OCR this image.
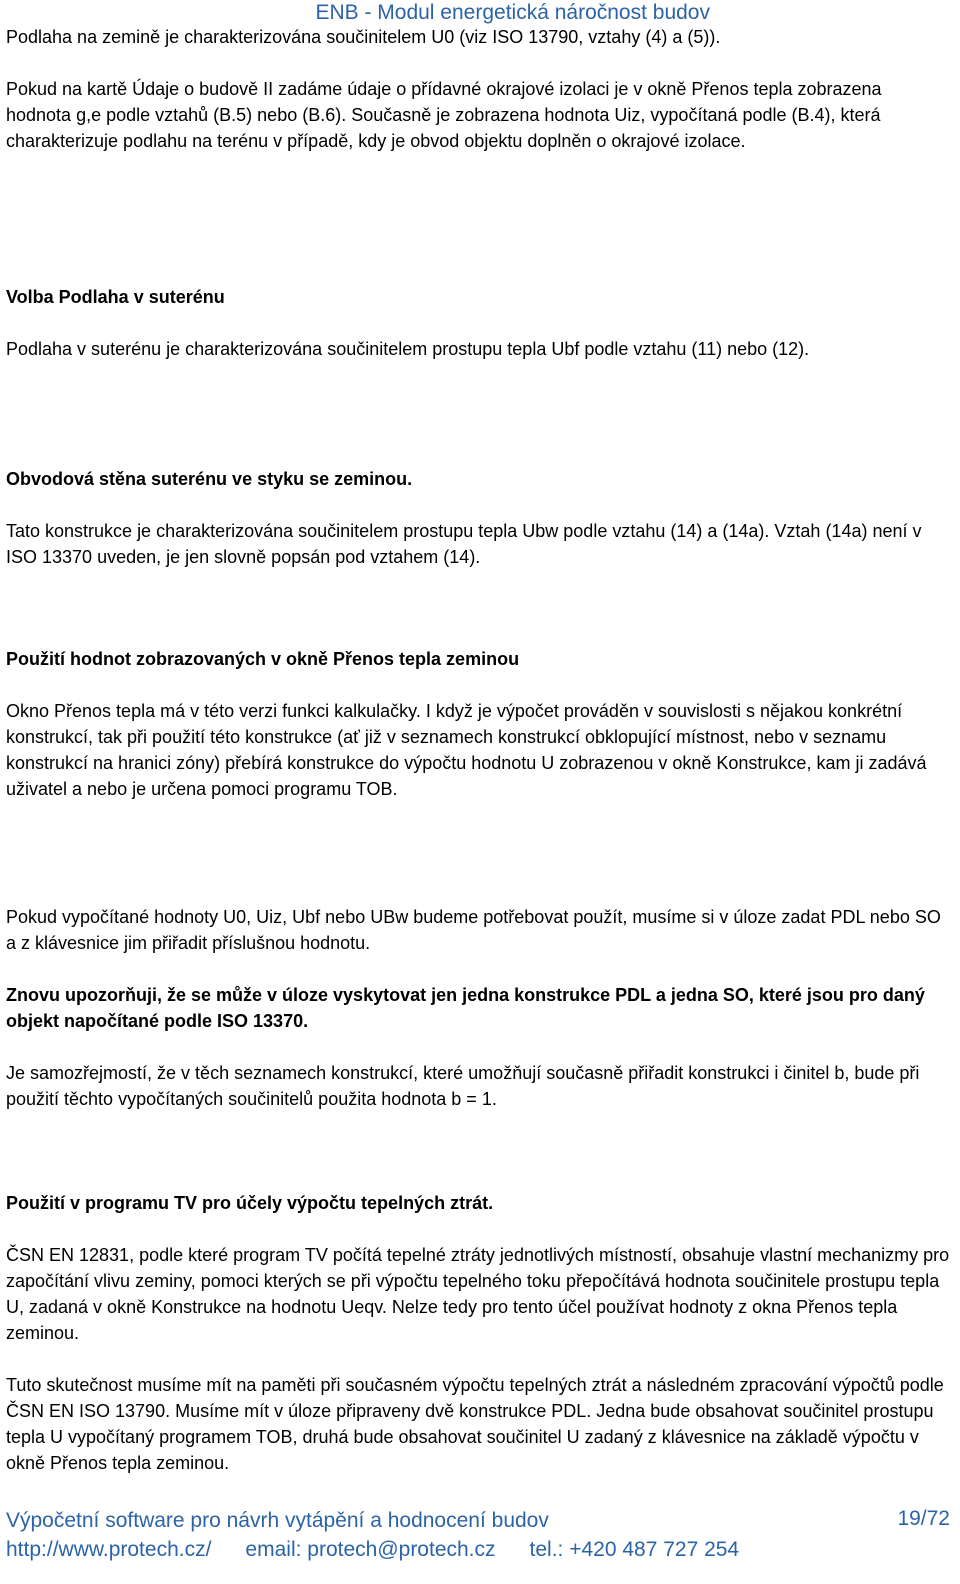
ENB - Modul energetická náročnost budov

Podlaha na zemině je charakterizována součinitelem U0 (viz ISO 13790, vztahy (4) a (5)).

Pokud na kartě Údaje o budově II zadáme údaje o přídavné okrajové izolaci je v okně Přenos tepla zobrazena hodnota g,e podle vztahů (B.5) nebo (B.6). Současně je zobrazena hodnota Uiz, vypočítaná podle (B.4), která charakterizuje podlahu na terénu v případě, kdy je obvod objektu doplněn o okrajové izolace.

Volba Podlaha v suterénu

Podlaha v suterénu je charakterizována součinitelem prostupu tepla Ubf podle vztahu (11) nebo (12).

Obvodová stěna suterénu ve styku se zeminou.

Tato konstrukce je charakterizována součinitelem prostupu tepla Ubw podle vztahu (14) a (14a). Vztah (14a) není v ISO 13370 uveden, je jen slovně popsán pod vztahem (14).

Použití hodnot zobrazovaných v okně Přenos tepla zeminou

Okno Přenos tepla má v této verzi funkci kalkulačky. I když je výpočet prováděn v souvislosti s nějakou konkrétní konstrukcí, tak při použití této konstrukce (ať již v seznamech konstrukcí obklopující místnost, nebo v seznamu konstrukcí na hranici zóny) přebírá konstrukce do výpočtu hodnotu U zobrazenou v okně Konstrukce, kam ji zadává uživatel a nebo je určena pomoci programu TOB.

Pokud vypočítané hodnoty U0, Uiz, Ubf nebo UBw budeme potřebovat použít, musíme si v úloze zadat PDL nebo SO a z klávesnice jim přiřadit příslušnou hodnotu.

Znovu upozorňuji, že se může v úloze vyskytovat jen jedna konstrukce PDL a jedna SO, které jsou pro daný objekt napočítané podle ISO 13370.

Je samozřejmostí, že v těch seznamech konstrukcí, které umožňují současně přiřadit konstrukci i činitel b, bude při použití těchto vypočítaných součinitelů použita hodnota b = 1.

Použití v programu TV pro účely výpočtu tepelných ztrát.

ČSN EN 12831, podle které program TV počítá tepelné ztráty jednotlivých místností, obsahuje vlastní mechanizmy pro započítání vlivu zeminy, pomoci kterých se při výpočtu tepelného toku přepočítává hodnota součinitele prostupu tepla U, zadaná v okně Konstrukce na hodnotu Ueqv. Nelze tedy pro tento účel používat hodnoty z okna Přenos tepla zeminou.

Tuto skutečnost musíme mít na paměti při současném výpočtu tepelných ztrát a následném zpracování výpočtů podle ČSN EN ISO 13790. Musíme mít v úloze připraveny dvě konstrukce PDL. Jedna bude obsahovat součinitel prostupu tepla U vypočítaný programem TOB, druhá bude obsahovat součinitel U zadaný z klávesnice na základě výpočtu v okně Přenos tepla zeminou.

Výpočetní software pro návrh vytápění a hodnocení budov	19/72
http://www.protech.cz/ email: protech@protech.cz tel.: +420 487 727 254
